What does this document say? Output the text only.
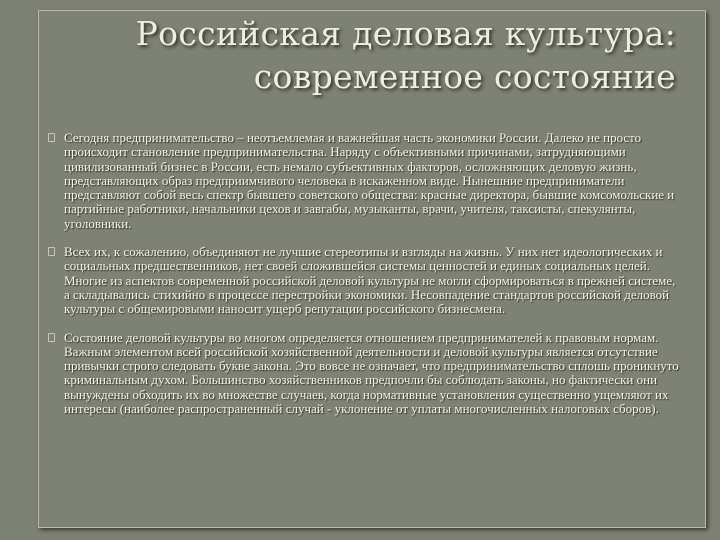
Российская деловая культура:
современное состояние
Сегодня предпринимательство – неотъемлемая и важнейшая часть экономики России. Далеко не просто происходит становление предпринимательства. Наряду с объективными причинами, затрудняющими цивилизованный бизнес в России, есть немало субъективных факторов, осложняющих деловую жизнь, представляющих образ предприимчивого человека в искаженном виде. Нынешние предприниматели представляют собой весь спектр бывшего советского общества: красные директора, бывшие комсомольские и партийные работники, начальники цехов и завгабы, музыканты, врачи, учителя, таксисты, спекулянты, уголовники.
Всех их, к сожалению, объединяют не лучшие стереотипы и взгляды на жизнь. У них нет идеологических и социальных предшественников, нет своей сложившейся системы ценностей и единых социальных целей. Многие из аспектов современной российской деловой культуры не могли сформироваться в прежней системе, а складывались стихийно в процессе перестройки экономики. Несовпадение стандартов российской деловой культуры с общемировыми наносит ущерб репутации российского бизнесмена.
Состояние деловой культуры во многом определяется отношением предпринимателей к правовым нормам. Важным элементом всей российской хозяйственной деятельности и деловой культуры является отсутствие привычки строго следовать букве закона. Это вовсе не означает, что предпринимательство сплошь проникнуто криминальным духом. Большинство хозяйственников предпочли бы соблюдать законы, но фактически они вынуждены обходить их во множестве случаев, когда нормативные установления существенно ущемляют их интересы (наиболее распространенный случай - уклонение от уплаты многочисленных налоговых сборов).
